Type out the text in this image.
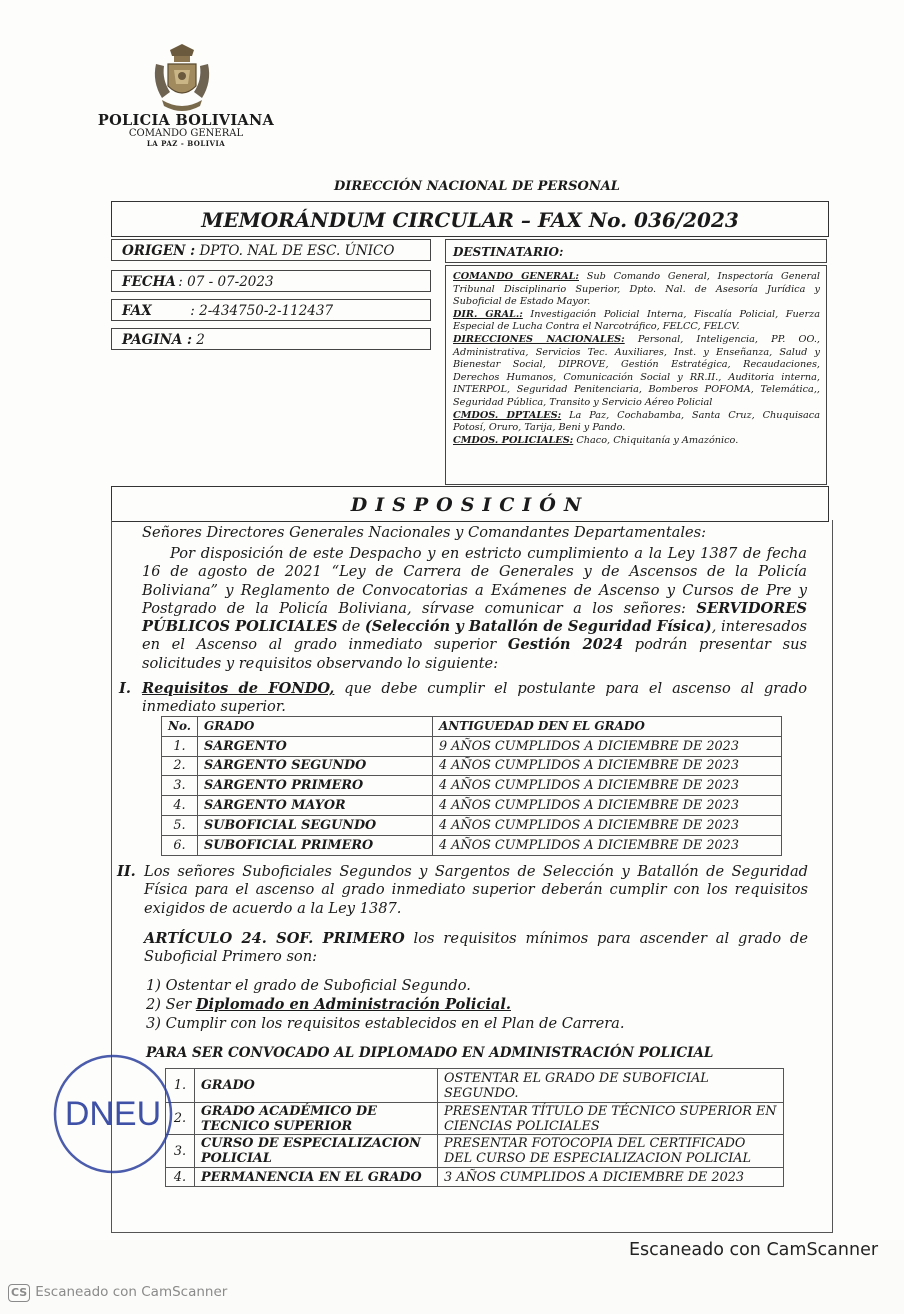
POLICIA BOLIVIANA
COMANDO GENERAL
LA PAZ - BOLIVIA
DIRECCIÓN NACIONAL DE PERSONAL
MEMORÁNDUM CIRCULAR – FAX No. 036/2023
ORIGEN : DPTO. NAL DE ESC. ÚNICO
FECHA : 07 - 07-2023
FAX	: 2-434750-2-112437
PAGINA : 2
DESTINATARIO:
COMANDO GENERAL: Sub Comando General, Inspectoría General Tribunal Disciplinario Superior, Dpto. Nal. de Asesoría Jurídica y Suboficial de Estado Mayor.
DIR. GRAL.: Investigación Policial Interna, Fiscalía Policial, Fuerza Especial de Lucha Contra el Narcotráfico, FELCC, FELCV.
DIRECCIONES NACIONALES: Personal, Inteligencia, PP. OO., Administrativa, Servicios Tec. Auxiliares, Inst. y Enseñanza, Salud y Bienestar Social, DIPROVE, Gestión Estratégica, Recaudaciones, Derechos Humanos, Comunicación Social y RR.II., Auditoria interna, INTERPOL, Seguridad Penitenciaria, Bomberos POFOMA, Telemática,, Seguridad Pública, Transito y Servicio Aéreo Policial
CMDOS. DPTALES: La Paz, Cochabamba, Santa Cruz, Chuquisaca Potosí, Oruro, Tarija, Beni y Pando.
CMDOS. POLICIALES: Chaco, Chiquitanía y Amazónico.
DISPOSICIÓN
Señores Directores Generales Nacionales y Comandantes Departamentales:
Por disposición de este Despacho y en estricto cumplimiento a la Ley 1387 de fecha 16 de agosto de 2021 “Ley de Carrera de Generales y de Ascensos de la Policía Boliviana” y Reglamento de Convocatorias a Exámenes de Ascenso y Cursos de Pre y Postgrado de la Policía Boliviana, sírvase comunicar a los señores: SERVIDORES PÚBLICOS POLICIALES de (Selección y Batallón de Seguridad Física), interesados en el Ascenso al grado inmediato superior Gestión 2024 podrán presentar sus solicitudes y requisitos observando lo siguiente:
I. Requisitos de FONDO, que debe cumplir el postulante para el ascenso al grado inmediato superior.
No.	GRADO	ANTIGUEDAD DEN EL GRADO
1.	SARGENTO	9 AÑOS CUMPLIDOS A DICIEMBRE DE 2023
2.	SARGENTO SEGUNDO	4 AÑOS CUMPLIDOS A DICIEMBRE DE 2023
3.	SARGENTO PRIMERO	4 AÑOS CUMPLIDOS A DICIEMBRE DE 2023
4.	SARGENTO MAYOR	4 AÑOS CUMPLIDOS A DICIEMBRE DE 2023
5.	SUBOFICIAL SEGUNDO	4 AÑOS CUMPLIDOS A DICIEMBRE DE 2023
6.	SUBOFICIAL PRIMERO	4 AÑOS CUMPLIDOS A DICIEMBRE DE 2023
II. Los señores Suboficiales Segundos y Sargentos de Selección y Batallón de Seguridad Física para el ascenso al grado inmediato superior deberán cumplir con los requisitos exigidos de acuerdo a la Ley 1387.
ARTÍCULO 24. SOF. PRIMERO los requisitos mínimos para ascender al grado de Suboficial Primero son:
1) Ostentar el grado de Suboficial Segundo.
2) Ser Diplomado en Administración Policial.
3) Cumplir con los requisitos establecidos en el Plan de Carrera.
PARA SER CONVOCADO AL DIPLOMADO EN ADMINISTRACIÓN POLICIAL
1.	GRADO	OSTENTAR EL GRADO DE SUBOFICIAL SEGUNDO.
2.	GRADO ACADÉMICO DE TECNICO SUPERIOR	PRESENTAR TÍTULO DE TÉCNICO SUPERIOR EN CIENCIAS POLICIALES
3.	CURSO DE ESPECIALIZACION POLICIAL	PRESENTAR FOTOCOPIA DEL CERTIFICADO DEL CURSO DE ESPECIALIZACION POLICIAL
4.	PERMANENCIA EN EL GRADO	3 AÑOS CUMPLIDOS A DICIEMBRE DE 2023
DNEU
Escaneado con CamScanner
CS Escaneado con CamScanner
